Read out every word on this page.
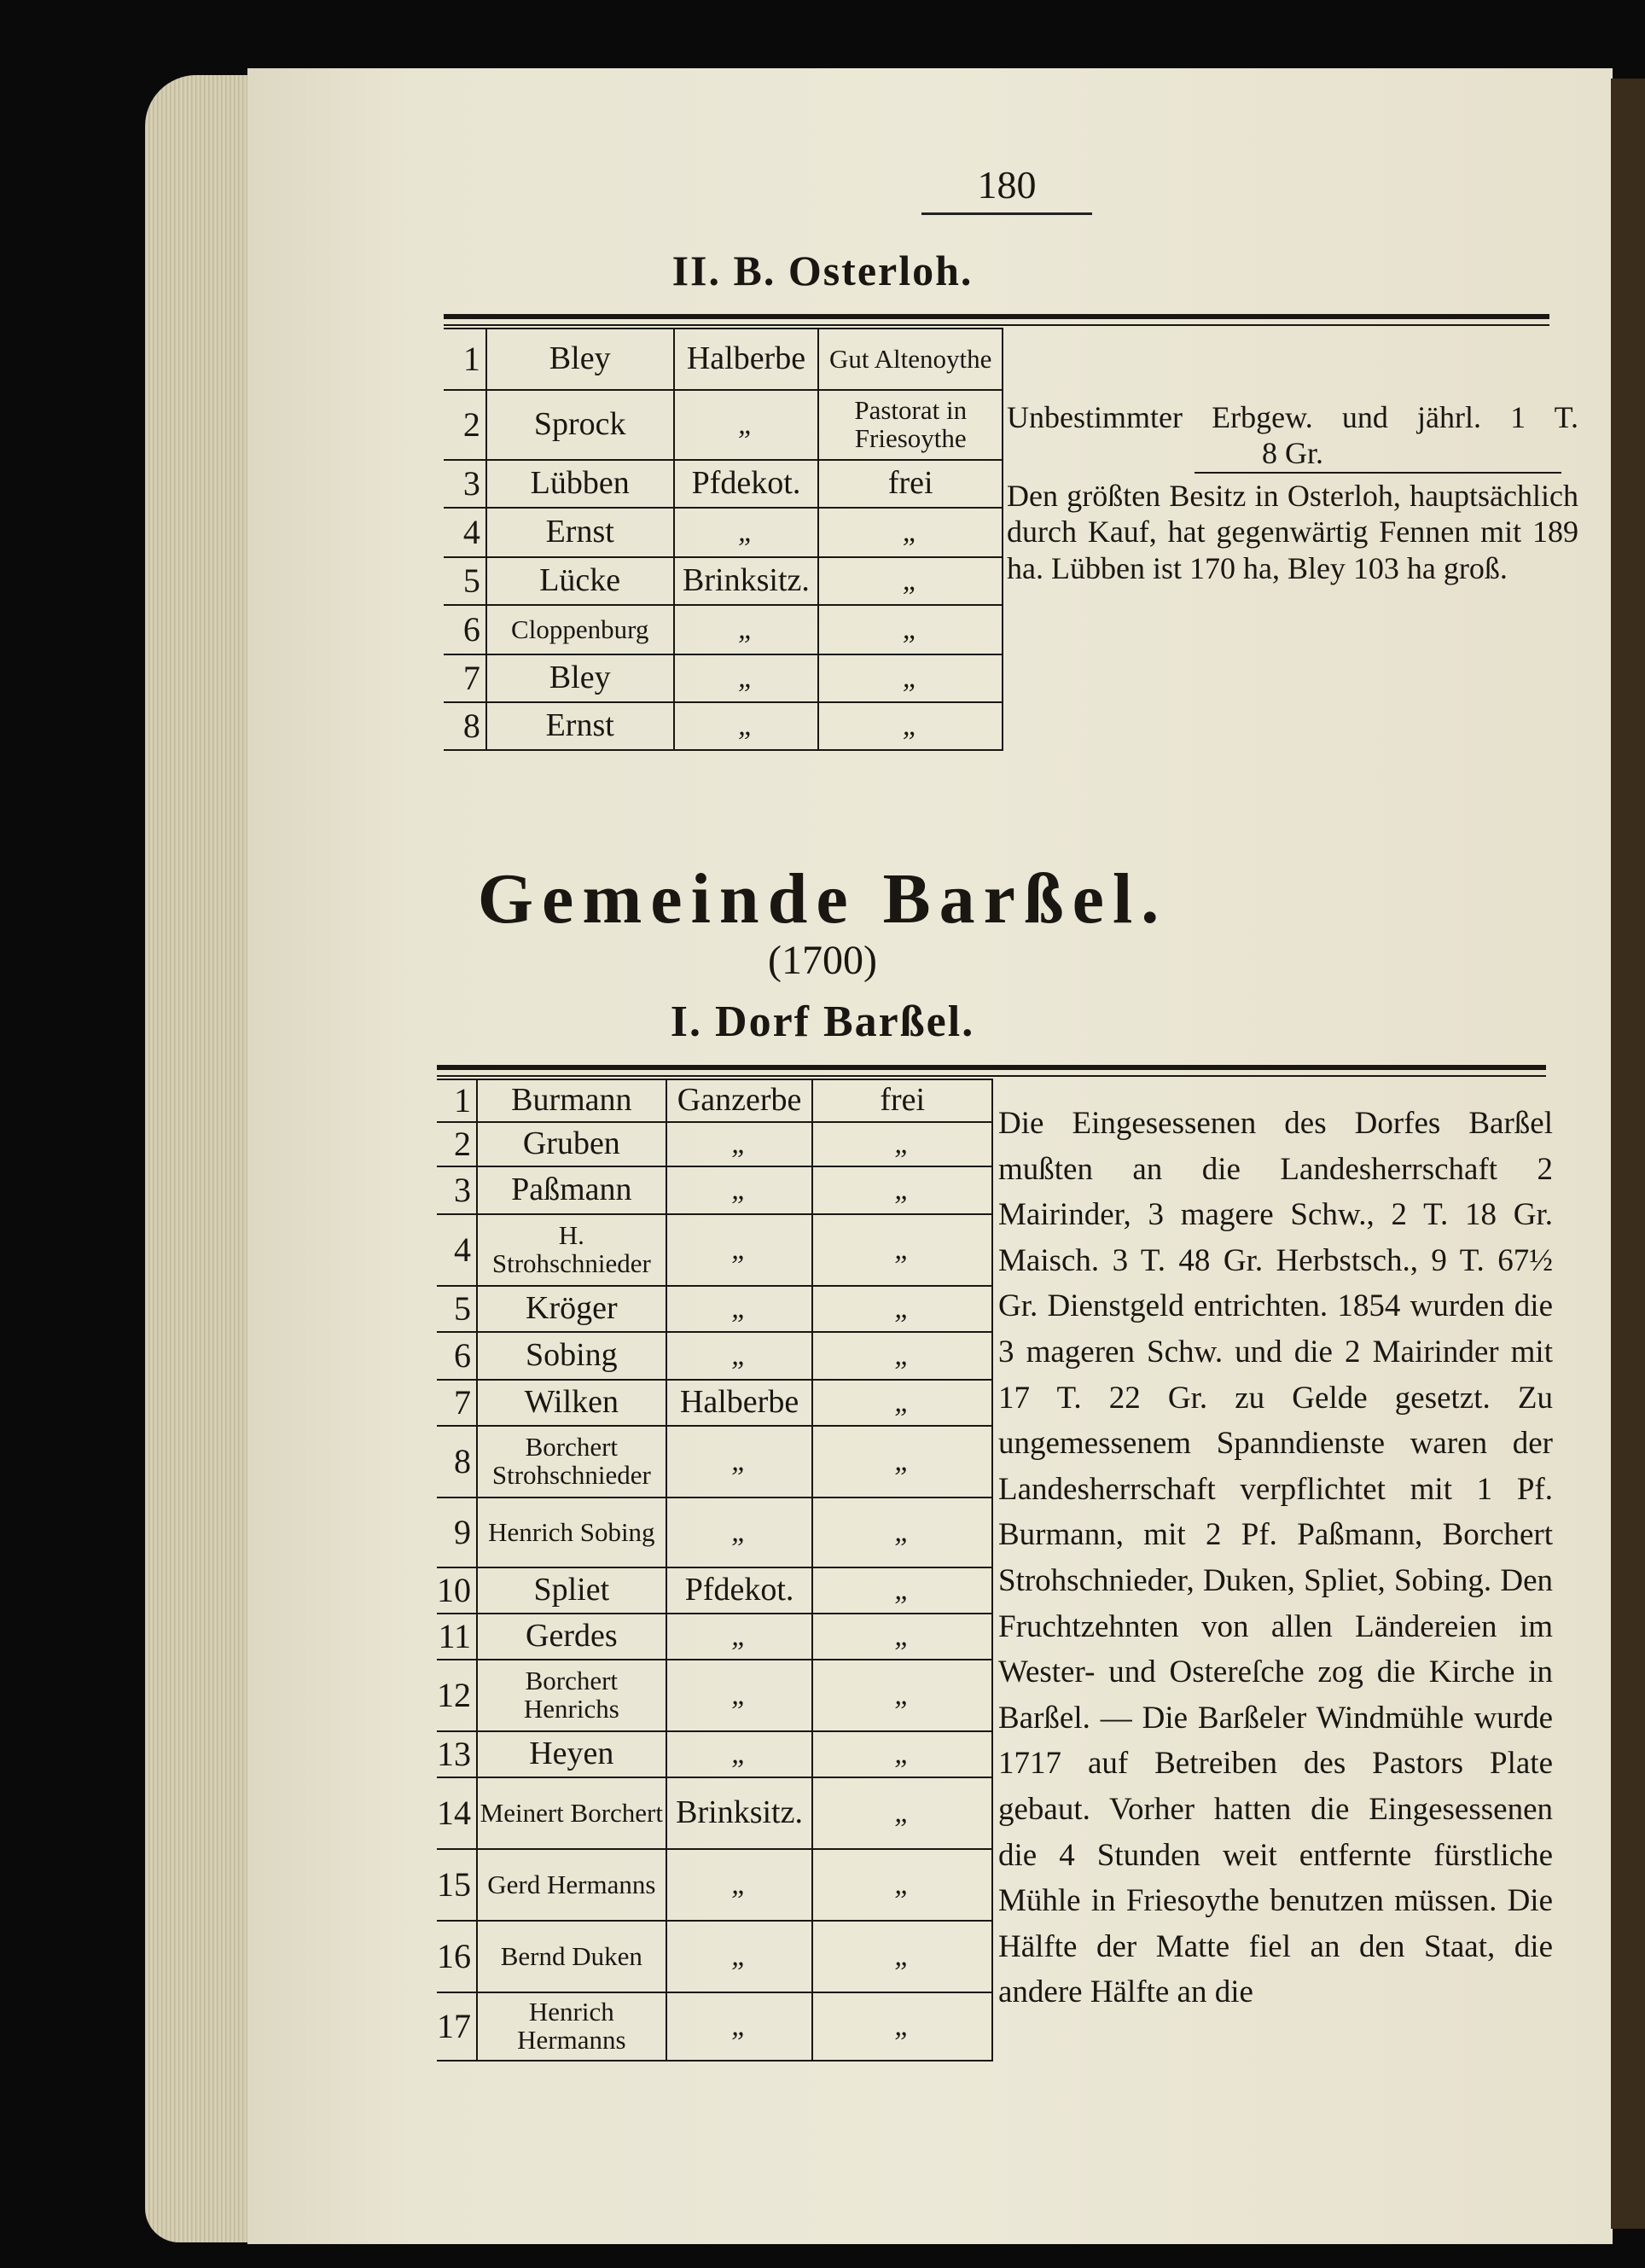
180
II. B. Osterloh.
1	Bley	Halberbe	Gut Altenoythe
2	Sprock	„	Pastorat in Friesoythe
3	Lübben	Pfdekot.	frei
4	Ernst	„	„
5	Lücke	Brinksitz.	„
6	Cloppenburg	„	„
7	Bley	„	„
8	Ernst	„	„
Unbestimmter Erbgew. und jährl. 1 T.
8 Gr.
Den größten Besitz in Osterloh, hauptsächlich durch Kauf, hat gegenwärtig Fennen mit 189 ha. Lübben ist 170 ha, Bley 103 ha groß.
Gemeinde Barßel.
(1700)
I. Dorf Barßel.
1	Burmann	Ganzerbe	frei
2	Gruben	„	„
3	Paßmann	„	„
4	H. Strohschnieder	„	„
5	Kröger	„	„
6	Sobing	„	„
7	Wilken	Halberbe	„
8	Borchert Strohschnieder	„	„
9	Henrich Sobing	„	„
10	Spliet	Pfdekot.	„
11	Gerdes	„	„
12	Borchert Henrichs	„	„
13	Heyen	„	„
14	Meinert Borchert	Brinksitz.	„
15	Gerd Hermanns	„	„
16	Bernd Duken	„	„
17	Henrich Hermanns	„	„
Die Eingesessenen des Dorfes Barßel mußten an die Landesherrschaft 2 Mairinder, 3 magere Schw., 2 T. 18 Gr. Maisch. 3 T. 48 Gr. Herbstsch., 9 T. 67½ Gr. Dienstgeld entrichten. 1854 wurden die 3 mageren Schw. und die 2 Mairinder mit 17 T. 22 Gr. zu Gelde gesetzt. Zu ungemessenem Spanndienste waren der Landesherrschaft verpflichtet mit 1 Pf. Burmann, mit 2 Pf. Paßmann, Borchert Strohschnieder, Duken, Spliet, Sobing. Den Fruchtzehnten von allen Ländereien im Wester- und Ostereſche zog die Kirche in Barßel. — Die Barßeler Windmühle wurde 1717 auf Betreiben des Pastors Plate gebaut. Vorher hatten die Eingesessenen die 4 Stunden weit entfernte fürstliche Mühle in Friesoythe benutzen müssen. Die Hälfte der Matte fiel an den Staat, die andere Hälfte an die
